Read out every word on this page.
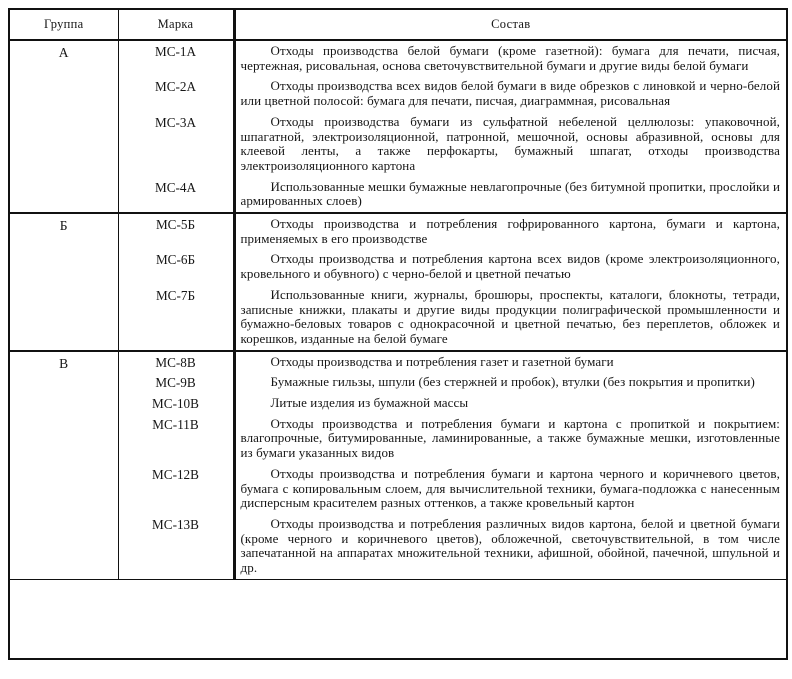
Группа	Марка	Состав
А	МС-1А	Отходы производства белой бумаги (кроме газетной): бумага для печати, писчая, чертежная, рисовальная, основа светочувствительной бумаги и другие виды белой бумаги

	МС-2А	Отходы производства всех видов белой бумаги в виде обрезков с линовкой и черно-белой или цветной полосой: бумага для печати, писчая, диаграммная, рисовальная

	МС-3А	Отходы производства бумаги из сульфатной небеленой целлюлозы: упаковочной, шпагатной, электроизоляционной, патронной, мешочной, основы абразивной, основы для клеевой ленты, а также перфокарты, бумажный шпагат, отходы производства электроизоляционного картона

	МС-4А	Использованные мешки бумажные невлагопрочные (без битумной пропитки, прослойки и армированных слоев)

Б	МС-5Б	Отходы производства и потребления гофрированного картона, бумаги и картона, применяемых в его производстве

	МС-6Б	Отходы производства и потребления картона всех видов (кроме электроизоляционного, кровельного и обувного) с черно-белой и цветной печатью

	МС-7Б	Использованные книги, журналы, брошюры, проспекты, каталоги, блокноты, тетради, записные книжки, плакаты и другие виды продукции полиграфической промышленности и бумажно-беловых товаров с однокрасочной и цветной печатью, без переплетов, обложек и корешков, изданные на белой бумаге

В	МС-8В	Отходы производства и потребления газет и газетной бумаги

	МС-9В	Бумажные гильзы, шпули (без стержней и пробок), втулки (без покрытия и пропитки)

	МС-10В	Литые изделия из бумажной массы

	МС-11В	Отходы производства и потребления бумаги и картона с пропиткой и покрытием: влагопрочные, битумированные, ламинированные, а также бумажные мешки, изготовленные из бумаги указанных видов

	МС-12В	Отходы производства и потребления бумаги и картона черного и коричневого цветов, бумага с копировальным слоем, для вычислительной техники, бумага-подложка с нанесенным дисперсным красителем разных оттенков, а также кровельный картон

	МС-13В	Отходы производства и потребления различных видов картона, белой и цветной бумаги (кроме черного и коричневого цветов), обложечной, светочувствительной, в том числе запечатанной на аппаратах множительной техники, афишной, обойной, пачечной, шпульной и др.
